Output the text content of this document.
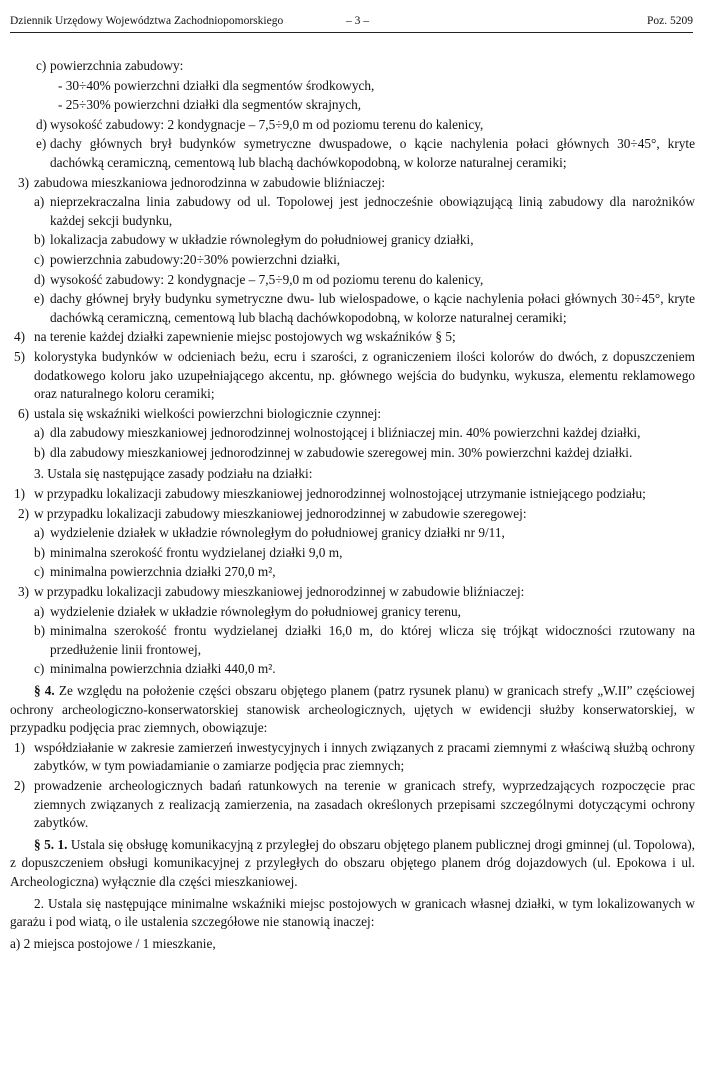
Dziennik Urzędowy Województwa Zachodniopomorskiego	– 3 –	Poz. 5209
c) powierzchnia zabudowy:
- 30÷40% powierzchni działki dla segmentów środkowych,
- 25÷30% powierzchni działki dla segmentów skrajnych,
d) wysokość zabudowy: 2 kondygnacje – 7,5÷9,0 m od poziomu terenu do kalenicy,
e) dachy głównych brył budynków symetryczne dwuspadowe, o kącie nachylenia połaci głównych 30÷45°, kryte dachówką ceramiczną, cementową lub blachą dachówkopodobną, w kolorze naturalnej ceramiki;
3) zabudowa mieszkaniowa jednorodzinna w zabudowie bliźniaczej:
a) nieprzekraczalna linia zabudowy od ul. Topolowej jest jednocześnie obowiązującą linią zabudowy dla narożników każdej sekcji budynku,
b) lokalizacja zabudowy w układzie równoległym do południowej granicy działki,
c) powierzchnia zabudowy:20÷30% powierzchni działki,
d) wysokość zabudowy: 2 kondygnacje – 7,5÷9,0 m od poziomu terenu do kalenicy,
e) dachy głównej bryły budynku symetryczne dwu- lub wielospadowe, o kącie nachylenia połaci głównych 30÷45°, kryte dachówką ceramiczną, cementową lub blachą dachówkopodobną, w kolorze naturalnej ceramiki;
4) na terenie każdej działki zapewnienie miejsc postojowych wg wskaźników § 5;
5) kolorystyka budynków w odcieniach beżu, ecru i szarości, z ograniczeniem ilości kolorów do dwóch, z dopuszczeniem dodatkowego koloru jako uzupełniającego akcentu, np. głównego wejścia do budynku, wykusza, elementu reklamowego oraz naturalnego koloru ceramiki;
6) ustala się wskaźniki wielkości powierzchni biologicznie czynnej:
a) dla zabudowy mieszkaniowej jednorodzinnej wolnostojącej i bliźniaczej min. 40% powierzchni każdej działki,
b) dla zabudowy mieszkaniowej jednorodzinnej w zabudowie szeregowej min. 30% powierzchni każdej działki.
3. Ustala się następujące zasady podziału na działki:
1) w przypadku lokalizacji zabudowy mieszkaniowej jednorodzinnej wolnostojącej utrzymanie istniejącego podziału;
2) w przypadku lokalizacji zabudowy mieszkaniowej jednorodzinnej w zabudowie szeregowej:
a) wydzielenie działek w układzie równoległym do południowej granicy działki nr 9/11,
b) minimalna szerokość frontu wydzielanej działki 9,0 m,
c) minimalna powierzchnia działki 270,0 m²,
3) w przypadku lokalizacji zabudowy mieszkaniowej jednorodzinnej w zabudowie bliźniaczej:
a) wydzielenie działek w układzie równoległym do południowej granicy terenu,
b) minimalna szerokość frontu wydzielanej działki 16,0 m, do której wlicza się trójkąt widoczności rzutowany na przedłużenie linii frontowej,
c) minimalna powierzchnia działki 440,0 m².
§ 4. Ze względu na położenie części obszaru objętego planem (patrz rysunek planu) w granicach strefy „W.II” częściowej ochrony archeologiczno-konserwatorskiej stanowisk archeologicznych, ujętych w ewidencji służby konserwatorskiej, w przypadku podjęcia prac ziemnych, obowiązuje:
1) współdziałanie w zakresie zamierzeń inwestycyjnych i innych związanych z pracami ziemnymi z właściwą służbą ochrony zabytków, w tym powiadamianie o zamiarze podjęcia prac ziemnych;
2) prowadzenie archeologicznych badań ratunkowych na terenie w granicach strefy, wyprzedzających rozpoczęcie prac ziemnych związanych z realizacją zamierzenia, na zasadach określonych przepisami szczególnymi dotyczącymi ochrony zabytków.
§ 5. 1. Ustala się obsługę komunikacyjną z przyległej do obszaru objętego planem publicznej drogi gminnej (ul. Topolowa), z dopuszczeniem obsługi komunikacyjnej z przyległych do obszaru objętego planem dróg dojazdowych (ul. Epokowa i ul. Archeologiczna) wyłącznie dla części mieszkaniowej.
2. Ustala się następujące minimalne wskaźniki miejsc postojowych w granicach własnej działki, w tym lokalizowanych w garażu i pod wiatą, o ile ustalenia szczegółowe nie stanowią inaczej:
a) 2 miejsca postojowe / 1 mieszkanie,
